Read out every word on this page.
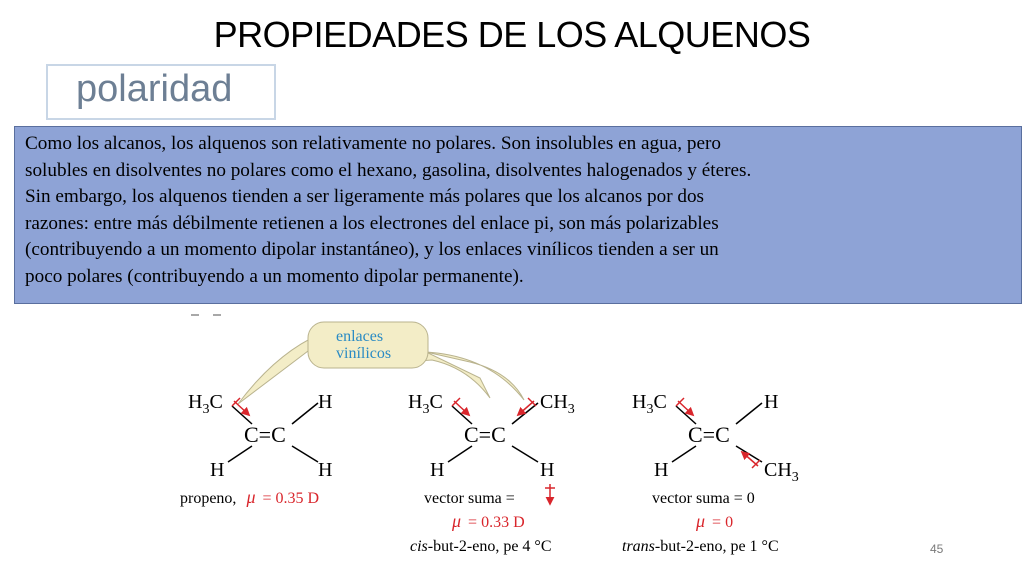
PROPIEDADES DE LOS ALQUENOS
polaridad

Como los alcanos, los alquenos son relativamente no polares. Son insolubles en agua, pero

solubles en disolventes no polares como el hexano, gasolina, disolventes halogenados y éteres.

Sin embargo, los alquenos tienden a ser ligeramente más polares que los alcanos por dos

razones: entre más débilmente retienen a los electrones del enlace pi, son más polarizables

(contribuyendo a un momento dipolar instantáneo), y los enlaces vinílicos tienden a ser un

poco polares (contribuyendo a un momento dipolar permanente).

enlaces
vinílicos
$H_3C$	H
C=C
H	H
propeno, μ = 0.35 D
$H_3C$	$CH_3$
C=C
H	H
vector suma =
μ = 0.33 D
cis-but-2-eno, pe 4 °C
$H_3C$	H
C=C
H	$CH_3$
vector suma = 0
μ = 0
trans-but-2-eno, pe 1 °C	45
